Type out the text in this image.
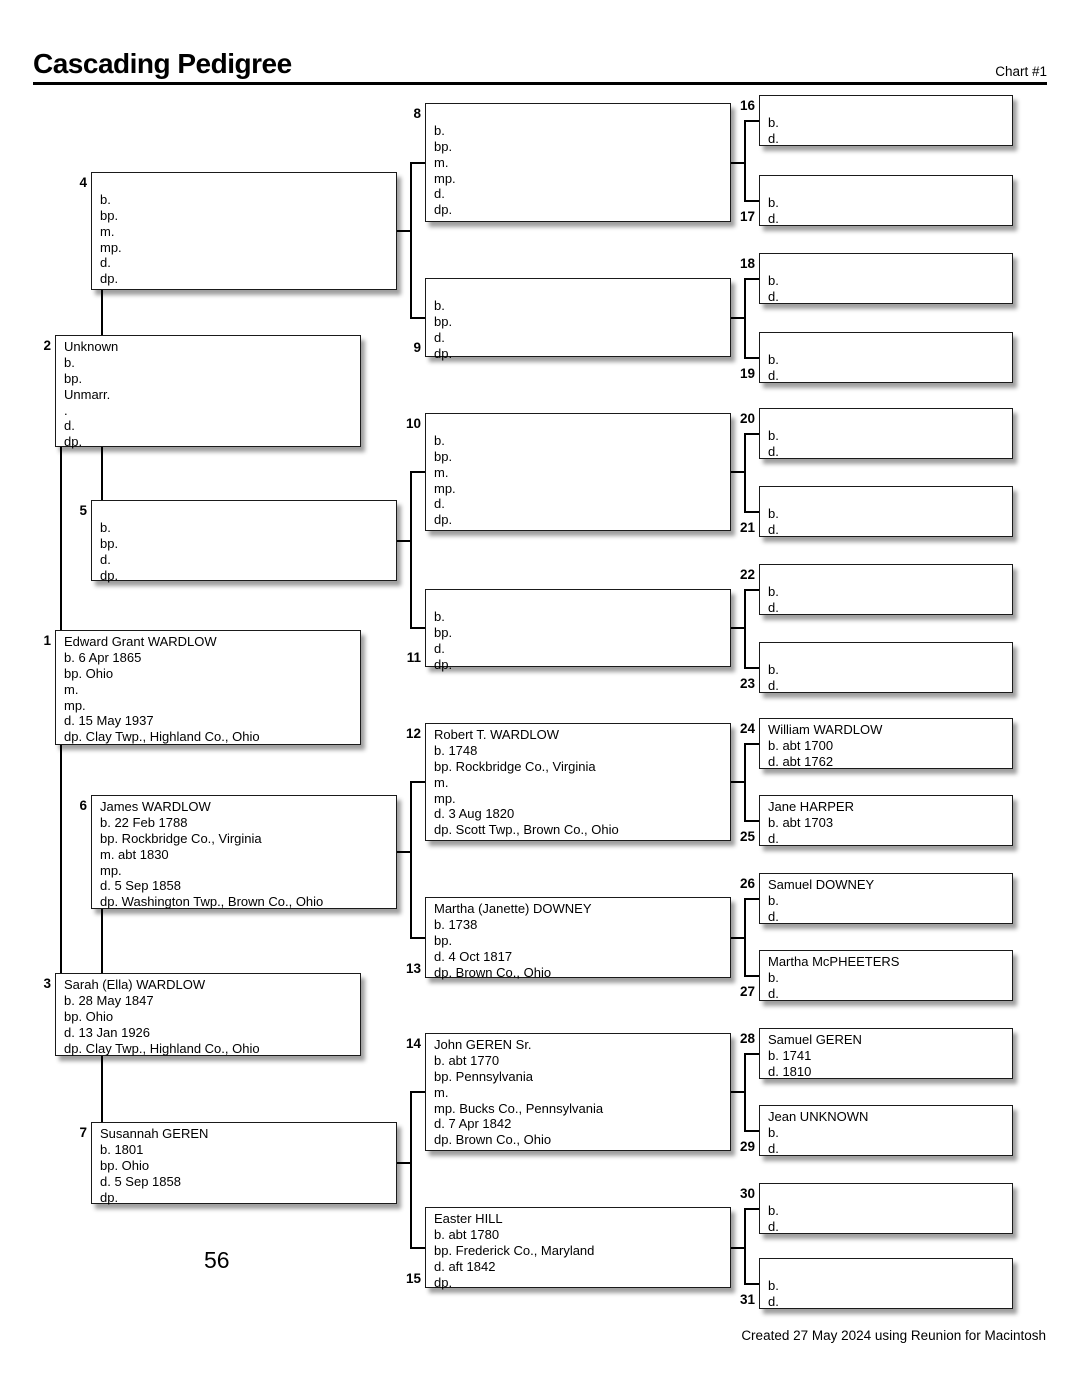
Cascading Pedigree	Chart #1
1 Edward Grant WARDLOW
b. 6 Apr 1865
bp. Ohio
m.
mp.
d. 15 May 1937
dp. Clay Twp., Highland Co., Ohio
2 Unknown
b.
bp.
Unmarr.
.
d.
dp.
3 Sarah (Ella) WARDLOW
b. 28 May 1847
bp. Ohio
d. 13 Jan 1926
dp. Clay Twp., Highland Co., Ohio
4
b.
bp.
m.
mp.
d.
dp.
5
b.
bp.
d.
dp.
6 James WARDLOW
b. 22 Feb 1788
bp. Rockbridge Co., Virginia
m. abt 1830
mp.
d. 5 Sep 1858
dp. Washington Twp., Brown Co., Ohio
7 Susannah GEREN
b. 1801
bp. Ohio
d. 5 Sep 1858
dp.
8
b.
bp.
m.
mp.
d.
dp.
9
b.
bp.
d.
dp.
10
b.
bp.
m.
mp.
d.
dp.
11
b.
bp.
d.
dp.
12 Robert T. WARDLOW
b. 1748
bp. Rockbridge Co., Virginia
m.
mp.
d. 3 Aug 1820
dp. Scott Twp., Brown Co., Ohio
13
Martha (Janette) DOWNEY
b. 1738
bp.
d. 4 Oct 1817
dp. Brown Co., Ohio
14 John GEREN Sr.
b. abt 1770
bp. Pennsylvania
m.
mp. Bucks Co., Pennsylvania
d. 7 Apr 1842
dp. Brown Co., Ohio
15
Easter HILL
b. abt 1780
bp. Frederick Co., Maryland
d. aft 1842
dp.
16
b.
d.
17
b.
d.
18
b.
d.
19
b.
d.
20
b.
d.
21
b.
d.
22
b.
d.
23
b.
d.
24 William WARDLOW
b. abt 1700
d. abt 1762
25
Jane HARPER
b. abt 1703
d.
26 Samuel DOWNEY
b.
d.
27
Martha McPHEETERS
b.
d.
28 Samuel GEREN
b. 1741
d. 1810
29
Jean UNKNOWN
b.
d.
30
b.
d.
31
b.
d.
56
Created 27 May 2024 using Reunion for Macintosh
